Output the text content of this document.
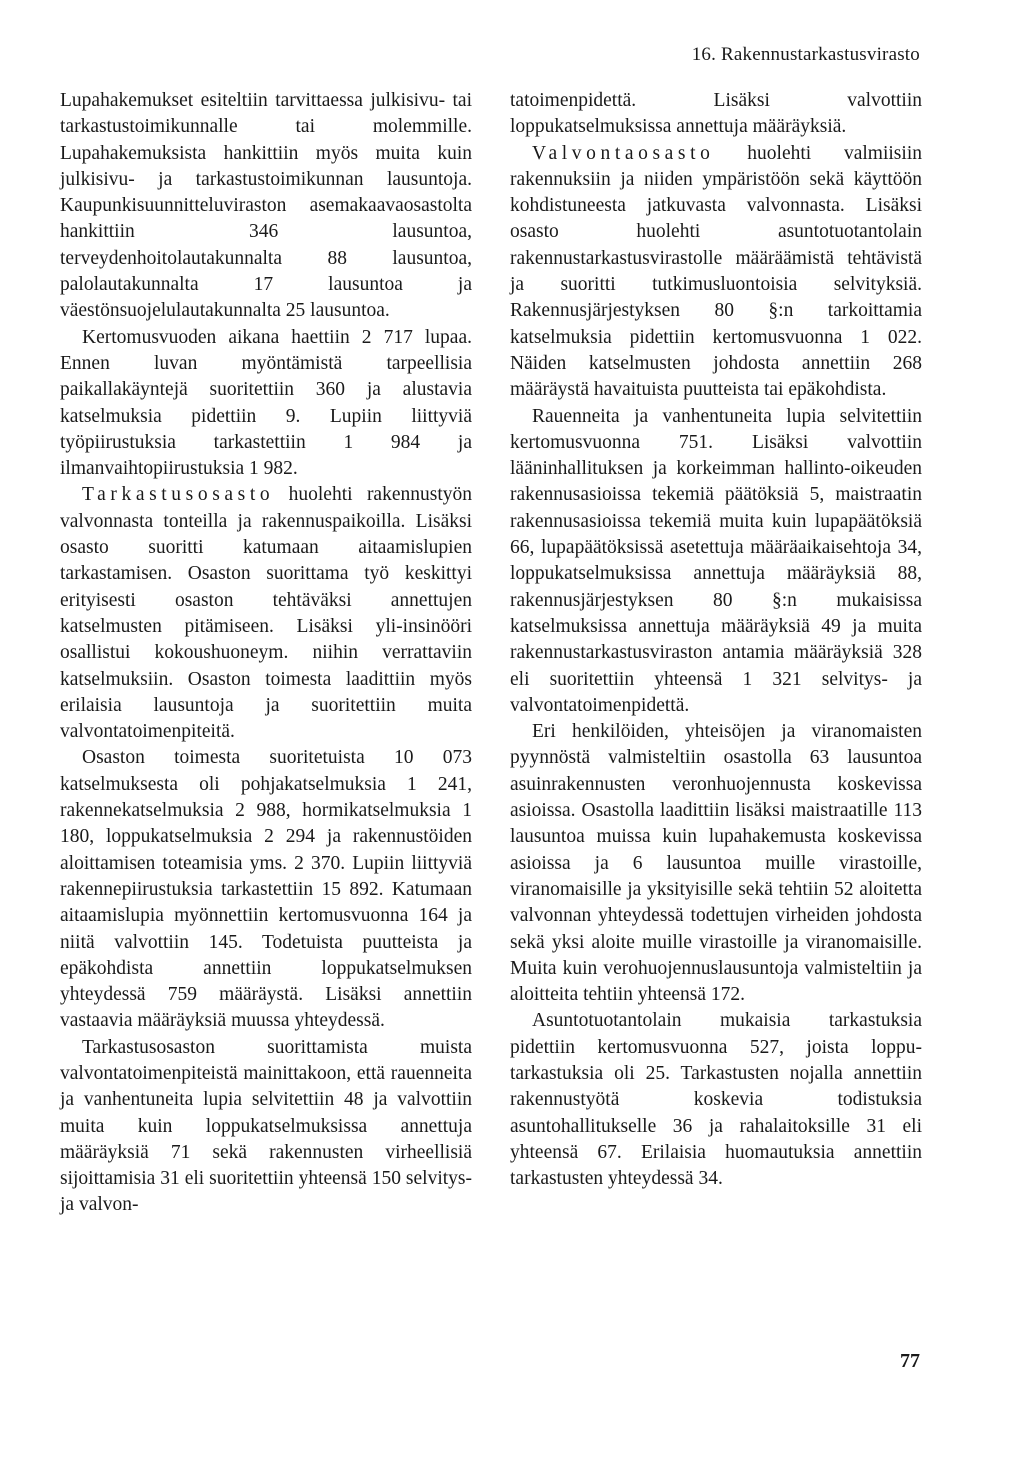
16. Rakennustarkastusvirasto

Lupahakemukset esiteltiin tarvittaessa julkisivu- tai tarkastustoimikunnalle tai molemmille. Lupahakemuksista hankittiin myös muita kuin julkisivu- ja tarkastustoimikunnan lausuntoja. Kaupunkisuunnitteluviraston asemakaavaosastolta hankittiin 346 lausuntoa, terveydenhoitolautakunnalta 88 lausuntoa, palolautakunnalta 17 lausuntoa ja väestönsuojelulautakunnalta 25 lausuntoa.

Kertomusvuoden aikana haettiin 2 717 lupaa. Ennen luvan myöntämistä tarpeellisia paikallakäyntejä suoritettiin 360 ja alustavia katselmuksia pidettiin 9. Lupiin liittyviä työpiirustuksia tarkastettiin 1 984 ja ilmanvaihtopiirustuksia 1 982.

Tarkastusosasto huolehti rakennustyön valvonnasta tonteilla ja rakennuspaikoilla. Lisäksi osasto suoritti katumaan aitaamislupien tarkastamisen. Osaston suorittama työ keskittyi erityisesti osaston tehtäväksi annettujen katselmusten pitämiseen. Lisäksi yli-insinööri osallistui kokoushuoneym. niihin verrattaviin katselmuksiin. Osaston toimesta laadittiin myös erilaisia lausuntoja ja suoritettiin muita valvontatoimenpiteitä.

Osaston toimesta suoritetuista 10 073 katselmuksesta oli pohjakatselmuksia 1 241, rakennekatselmuksia 2 988, hormikatselmuksia 1 180, loppukatselmuksia 2 294 ja rakennustöiden aloittamisen toteamisia yms. 2 370. Lupiin liittyviä rakennepiirustuksia tarkastettiin 15 892. Katumaan aitaamislupia myönnettiin kertomusvuonna 164 ja niitä valvottiin 145. Todetuista puutteista ja epäkohdista annettiin loppukatselmuksen yhteydessä 759 määräystä. Lisäksi annettiin vastaavia määräyksiä muussa yhteydessä.

Tarkastusosaston suorittamista muista valvontatoimenpiteistä mainittakoon, että rauenneita ja vanhentuneita lupia selvitettiin 48 ja valvottiin muita kuin loppukatselmuksissa annettuja määräyksiä 71 sekä rakennusten virheellisiä sijoittamisia 31 eli suoritettiin yhteensä 150 selvitys- ja valvon-

tatoimenpidettä. Lisäksi valvottiin loppukatselmuksissa annettuja määräyksiä.

Valvontaosasto huolehti valmiisiin rakennuksiin ja niiden ympäristöön sekä käyttöön kohdistuneesta jatkuvasta valvonnasta. Lisäksi osasto huolehti asuntotuotantolain rakennustarkastusvirastolle määräämistä tehtävistä ja suoritti tutkimusluontoisia selvityksiä. Rakennusjärjestyksen 80 §:n tarkoittamia katselmuksia pidettiin kertomusvuonna 1 022. Näiden katselmusten johdosta annettiin 268 määräystä havaituista puutteista tai epäkohdista.

Rauenneita ja vanhentuneita lupia selvitettiin kertomusvuonna 751. Lisäksi valvottiin lääninhallituksen ja korkeimman hallinto-oikeuden rakennusasioissa tekemiä päätöksiä 5, maistraatin rakennusasioissa tekemiä muita kuin lupapäätöksiä 66, lupapäätöksissä asetettuja määräaikaisehtoja 34, loppukatselmuksissa annettuja määräyksiä 88, rakennusjärjestyksen 80 §:n mukaisissa katselmuksissa annettuja määräyksiä 49 ja muita rakennustarkastusviraston antamia määräyksiä 328 eli suoritettiin yhteensä 1 321 selvitys- ja valvontatoimenpidettä.

Eri henkilöiden, yhteisöjen ja viranomaisten pyynnöstä valmisteltiin osastolla 63 lausuntoa asuinrakennusten veronhuojennusta koskevissa asioissa. Osastolla laadittiin lisäksi maistraatille 113 lausuntoa muissa kuin lupahakemusta koskevissa asioissa ja 6 lausuntoa muille virastoille, viranomaisille ja yksityisille sekä tehtiin 52 aloitetta valvonnan yhteydessä todettujen virheiden johdosta sekä yksi aloite muille virastoille ja viranomaisille. Muita kuin verohuojennuslausuntoja valmisteltiin ja aloitteita tehtiin yhteensä 172.

Asuntotuotantolain mukaisia tarkastuksia pidettiin kertomusvuonna 527, joista lopputarkastuksia oli 25. Tarkastusten nojalla annettiin rakennustyötä koskevia todistuksia asuntohallitukselle 36 ja rahalaitoksille 31 eli yhteensä 67. Erilaisia huomautuksia annettiin tarkastusten yhteydessä 34.

77
